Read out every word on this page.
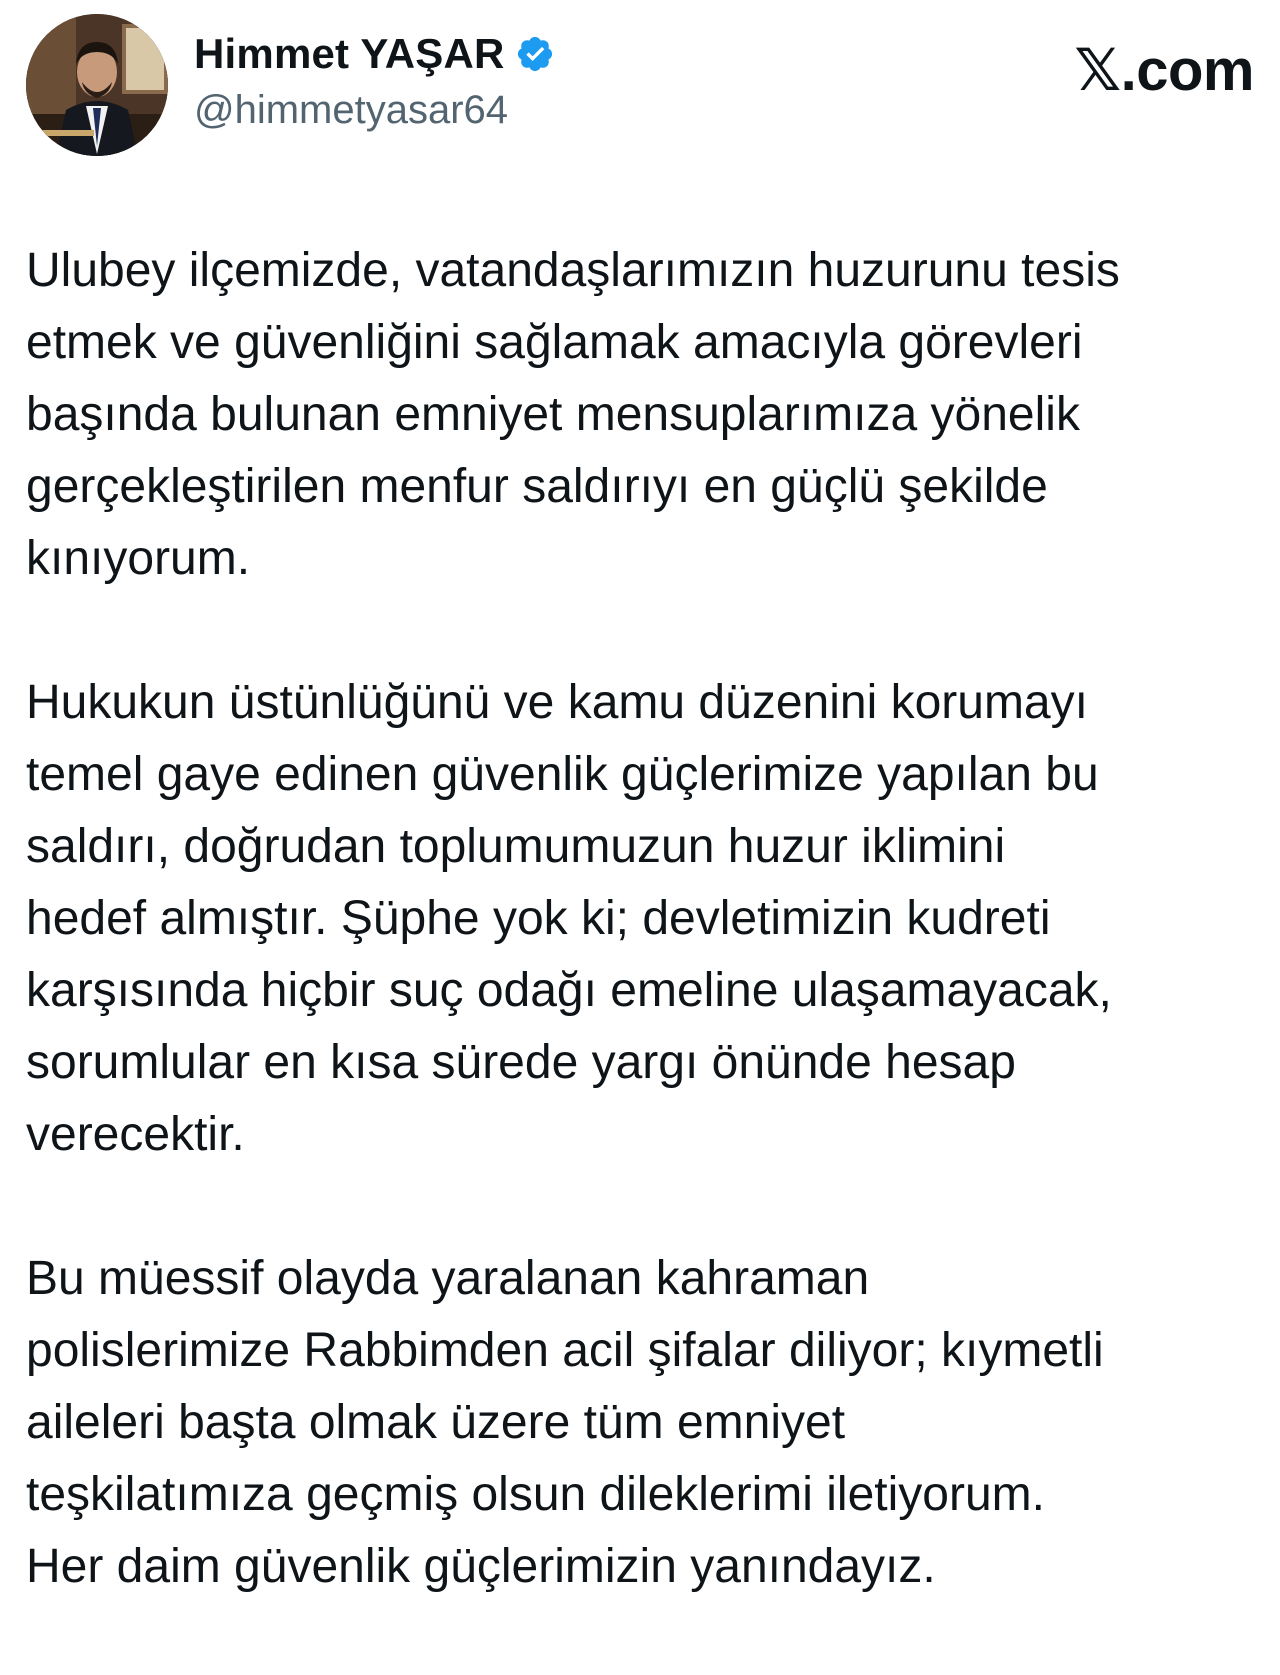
Himmet YAŞAR
@himmetyasar64
𝕏.com

Ulubey ilçemizde, vatandaşlarımızın huzurunu tesis
etmek ve güvenliğini sağlamak amacıyla görevleri
başında bulunan emniyet mensuplarımıza yönelik
gerçekleştirilen menfur saldırıyı en güçlü şekilde
kınıyorum.

Hukukun üstünlüğünü ve kamu düzenini korumayı
temel gaye edinen güvenlik güçlerimize yapılan bu
saldırı, doğrudan toplumumuzun huzur iklimini
hedef almıştır. Şüphe yok ki; devletimizin kudreti
karşısında hiçbir suç odağı emeline ulaşamayacak,
sorumlular en kısa sürede yargı önünde hesap
verecektir.

Bu müessif olayda yaralanan kahraman
polislerimize Rabbimden acil şifalar diliyor; kıymetli
aileleri başta olmak üzere tüm emniyet
teşkilatımıza geçmiş olsun dileklerimi iletiyorum.
Her daim güvenlik güçlerimizin yanındayız.
